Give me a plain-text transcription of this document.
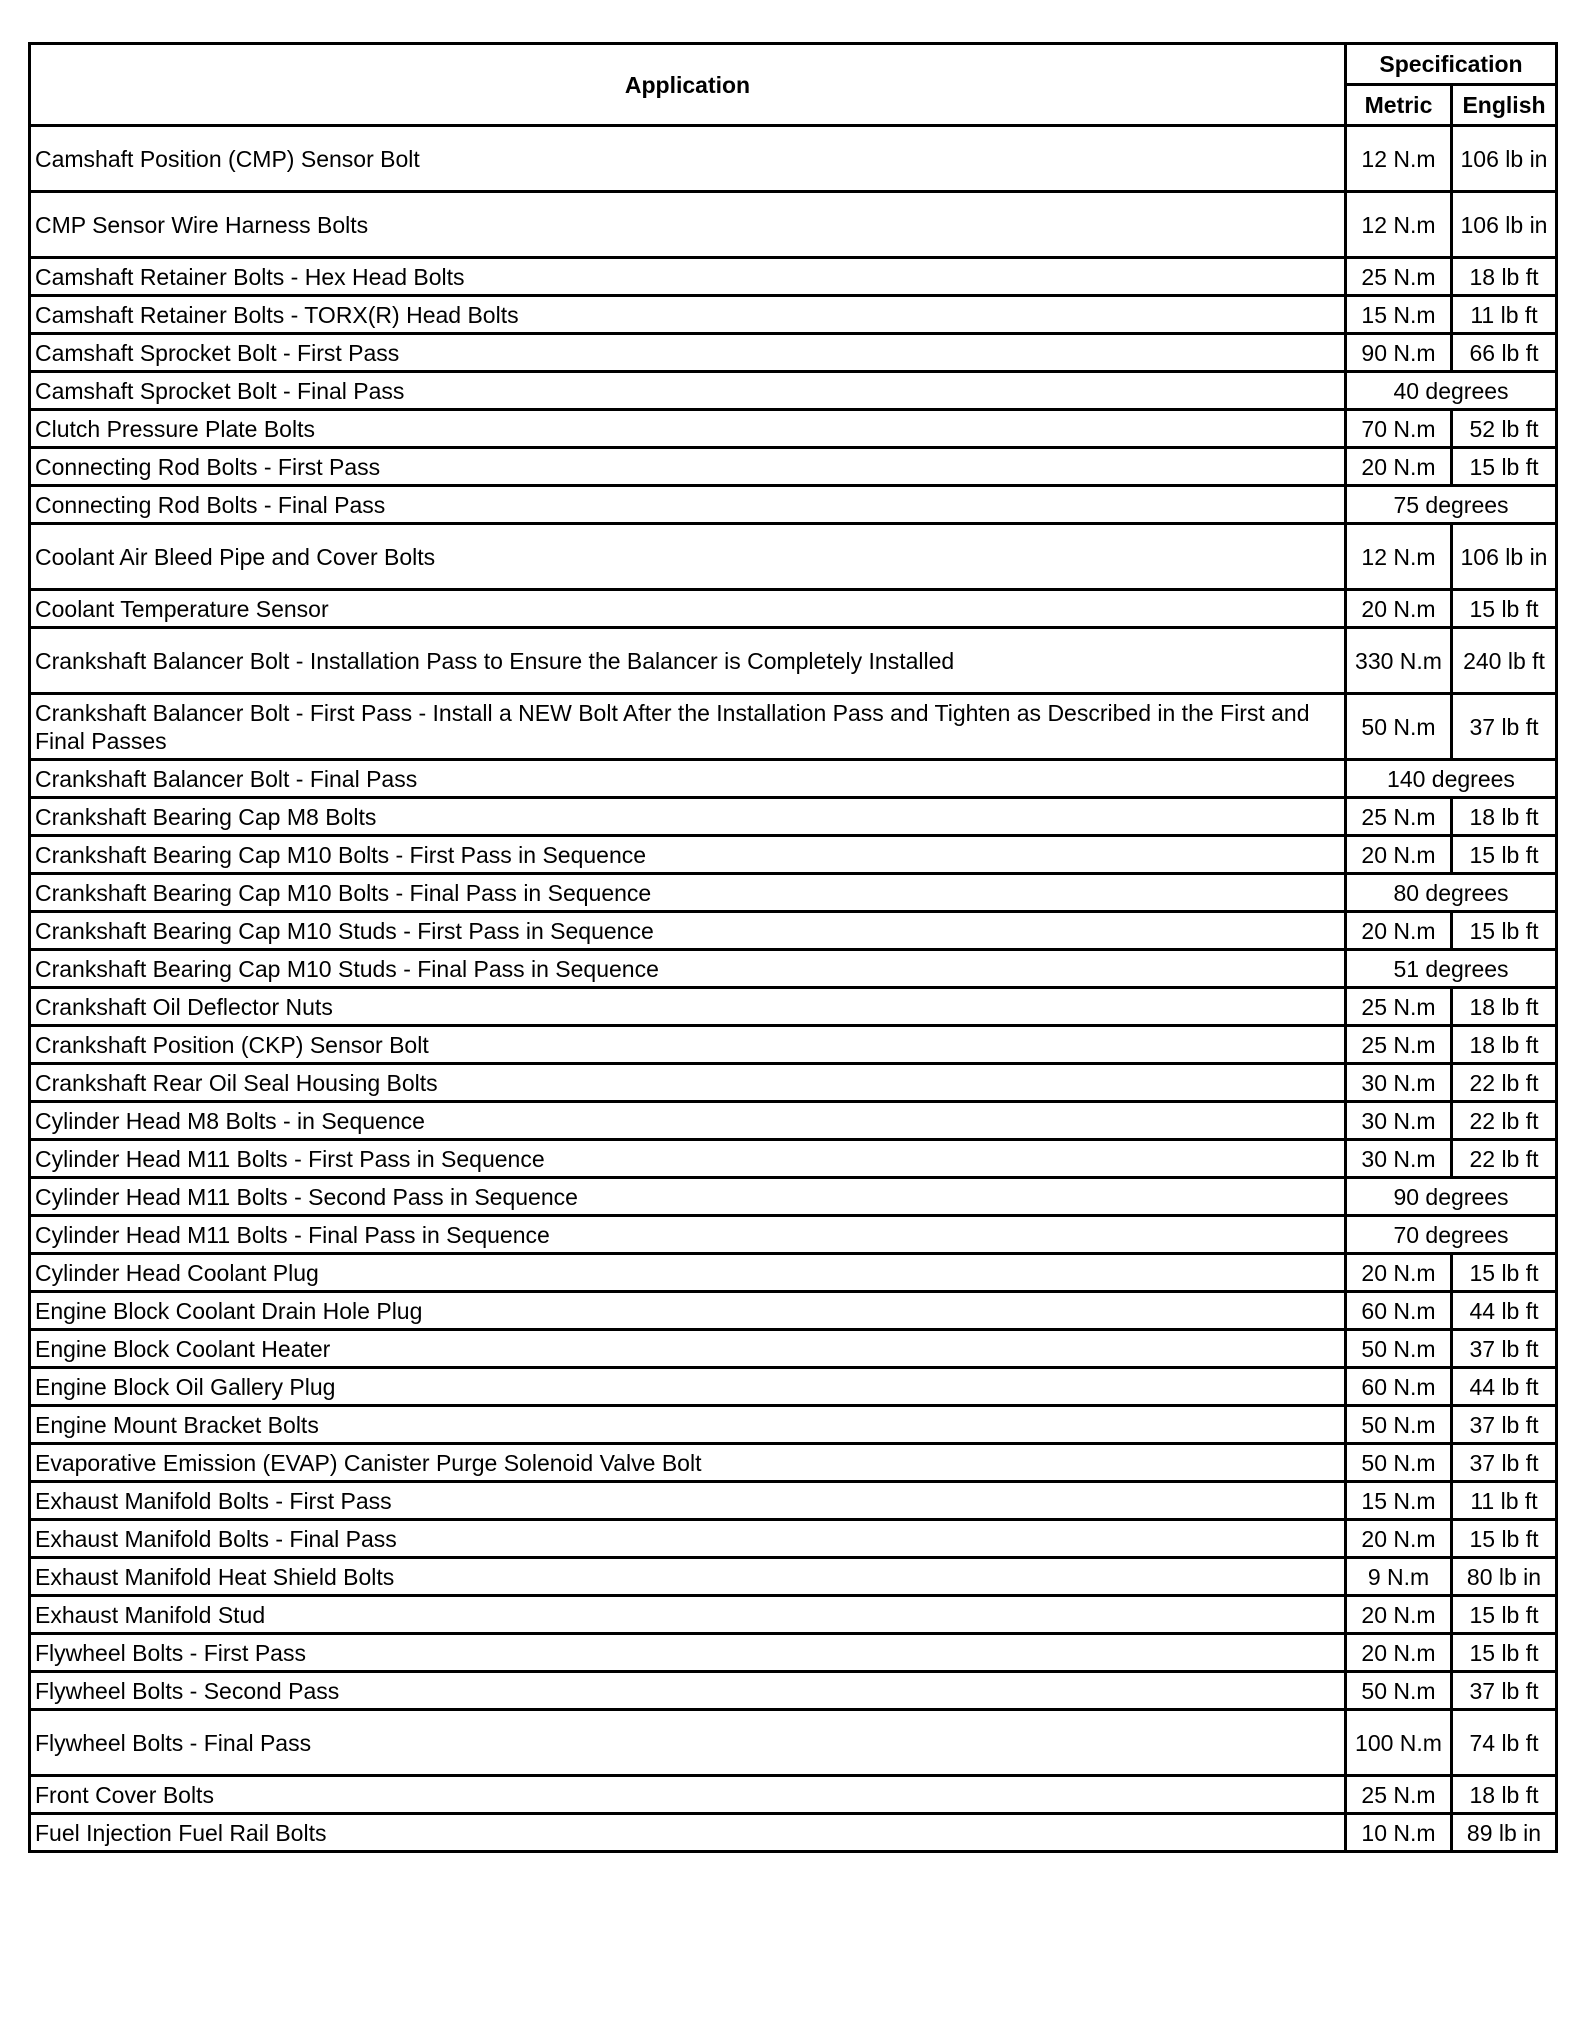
Application	Specification	
	Metric	English
Camshaft Position (CMP) Sensor Bolt	12 N.m	106 lb in
CMP Sensor Wire Harness Bolts	12 N.m	106 lb in
Camshaft Retainer Bolts - Hex Head Bolts	25 N.m	18 lb ft
Camshaft Retainer Bolts - TORX(R) Head Bolts	15 N.m	11 lb ft
Camshaft Sprocket Bolt - First Pass	90 N.m	66 lb ft
Camshaft Sprocket Bolt - Final Pass	40 degrees	
Clutch Pressure Plate Bolts	70 N.m	52 lb ft
Connecting Rod Bolts - First Pass	20 N.m	15 lb ft
Connecting Rod Bolts - Final Pass	75 degrees	
Coolant Air Bleed Pipe and Cover Bolts	12 N.m	106 lb in
Coolant Temperature Sensor	20 N.m	15 lb ft
Crankshaft Balancer Bolt - Installation Pass to Ensure the Balancer is Completely Installed	330 N.m	240 lb ft
Crankshaft Balancer Bolt - First Pass - Install a NEW Bolt After the Installation Pass and Tighten as Described in the First and Final Passes	50 N.m	37 lb ft
Crankshaft Balancer Bolt - Final Pass	140 degrees	
Crankshaft Bearing Cap M8 Bolts	25 N.m	18 lb ft
Crankshaft Bearing Cap M10 Bolts - First Pass in Sequence	20 N.m	15 lb ft
Crankshaft Bearing Cap M10 Bolts - Final Pass in Sequence	80 degrees	
Crankshaft Bearing Cap M10 Studs - First Pass in Sequence	20 N.m	15 lb ft
Crankshaft Bearing Cap M10 Studs - Final Pass in Sequence	51 degrees	
Crankshaft Oil Deflector Nuts	25 N.m	18 lb ft
Crankshaft Position (CKP) Sensor Bolt	25 N.m	18 lb ft
Crankshaft Rear Oil Seal Housing Bolts	30 N.m	22 lb ft
Cylinder Head M8 Bolts - in Sequence	30 N.m	22 lb ft
Cylinder Head M11 Bolts - First Pass in Sequence	30 N.m	22 lb ft
Cylinder Head M11 Bolts - Second Pass in Sequence	90 degrees	
Cylinder Head M11 Bolts - Final Pass in Sequence	70 degrees	
Cylinder Head Coolant Plug	20 N.m	15 lb ft
Engine Block Coolant Drain Hole Plug	60 N.m	44 lb ft
Engine Block Coolant Heater	50 N.m	37 lb ft
Engine Block Oil Gallery Plug	60 N.m	44 lb ft
Engine Mount Bracket Bolts	50 N.m	37 lb ft
Evaporative Emission (EVAP) Canister Purge Solenoid Valve Bolt	50 N.m	37 lb ft
Exhaust Manifold Bolts - First Pass	15 N.m	11 lb ft
Exhaust Manifold Bolts - Final Pass	20 N.m	15 lb ft
Exhaust Manifold Heat Shield Bolts	9 N.m	80 lb in
Exhaust Manifold Stud	20 N.m	15 lb ft
Flywheel Bolts - First Pass	20 N.m	15 lb ft
Flywheel Bolts - Second Pass	50 N.m	37 lb ft
Flywheel Bolts - Final Pass	100 N.m	74 lb ft
Front Cover Bolts	25 N.m	18 lb ft
Fuel Injection Fuel Rail Bolts	10 N.m	89 lb in
